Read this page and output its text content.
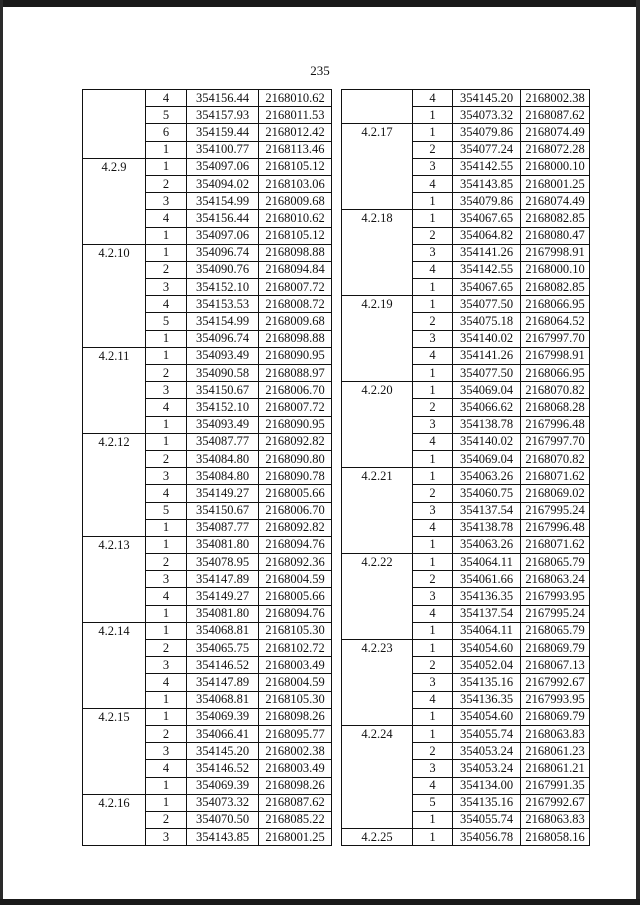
235
	4	354156.44	2168010.62
	5	354157.93	2168011.53
	6	354159.44	2168012.42
	1	354100.77	2168113.46
4.2.9	1	354097.06	2168105.12
	2	354094.02	2168103.06
	3	354154.99	2168009.68
	4	354156.44	2168010.62
	1	354097.06	2168105.12
4.2.10	1	354096.74	2168098.88
	2	354090.76	2168094.84
	3	354152.10	2168007.72
	4	354153.53	2168008.72
	5	354154.99	2168009.68
	1	354096.74	2168098.88
4.2.11	1	354093.49	2168090.95
	2	354090.58	2168088.97
	3	354150.67	2168006.70
	4	354152.10	2168007.72
	1	354093.49	2168090.95
4.2.12	1	354087.77	2168092.82
	2	354084.80	2168090.80
	3	354084.80	2168090.78
	4	354149.27	2168005.66
	5	354150.67	2168006.70
	1	354087.77	2168092.82
4.2.13	1	354081.80	2168094.76
	2	354078.95	2168092.36
	3	354147.89	2168004.59
	4	354149.27	2168005.66
	1	354081.80	2168094.76
4.2.14	1	354068.81	2168105.30
	2	354065.75	2168102.72
	3	354146.52	2168003.49
	4	354147.89	2168004.59
	1	354068.81	2168105.30
4.2.15	1	354069.39	2168098.26
	2	354066.41	2168095.77
	3	354145.20	2168002.38
	4	354146.52	2168003.49
	1	354069.39	2168098.26
4.2.16	1	354073.32	2168087.62
	2	354070.50	2168085.22
	3	354143.85	2168001.25
	4	354145.20	2168002.38
	1	354073.32	2168087.62
4.2.17	1	354079.86	2168074.49
	2	354077.24	2168072.28
	3	354142.55	2168000.10
	4	354143.85	2168001.25
	1	354079.86	2168074.49
4.2.18	1	354067.65	2168082.85
	2	354064.82	2168080.47
	3	354141.26	2167998.91
	4	354142.55	2168000.10
	1	354067.65	2168082.85
4.2.19	1	354077.50	2168066.95
	2	354075.18	2168064.52
	3	354140.02	2167997.70
	4	354141.26	2167998.91
	1	354077.50	2168066.95
4.2.20	1	354069.04	2168070.82
	2	354066.62	2168068.28
	3	354138.78	2167996.48
	4	354140.02	2167997.70
	1	354069.04	2168070.82
4.2.21	1	354063.26	2168071.62
	2	354060.75	2168069.02
	3	354137.54	2167995.24
	4	354138.78	2167996.48
	1	354063.26	2168071.62
4.2.22	1	354064.11	2168065.79
	2	354061.66	2168063.24
	3	354136.35	2167993.95
	4	354137.54	2167995.24
	1	354064.11	2168065.79
4.2.23	1	354054.60	2168069.79
	2	354052.04	2168067.13
	3	354135.16	2167992.67
	4	354136.35	2167993.95
	1	354054.60	2168069.79
4.2.24	1	354055.74	2168063.83
	2	354053.24	2168061.23
	3	354053.24	2168061.21
	4	354134.00	2167991.35
	5	354135.16	2167992.67
	1	354055.74	2168063.83
4.2.25	1	354056.78	2168058.16
